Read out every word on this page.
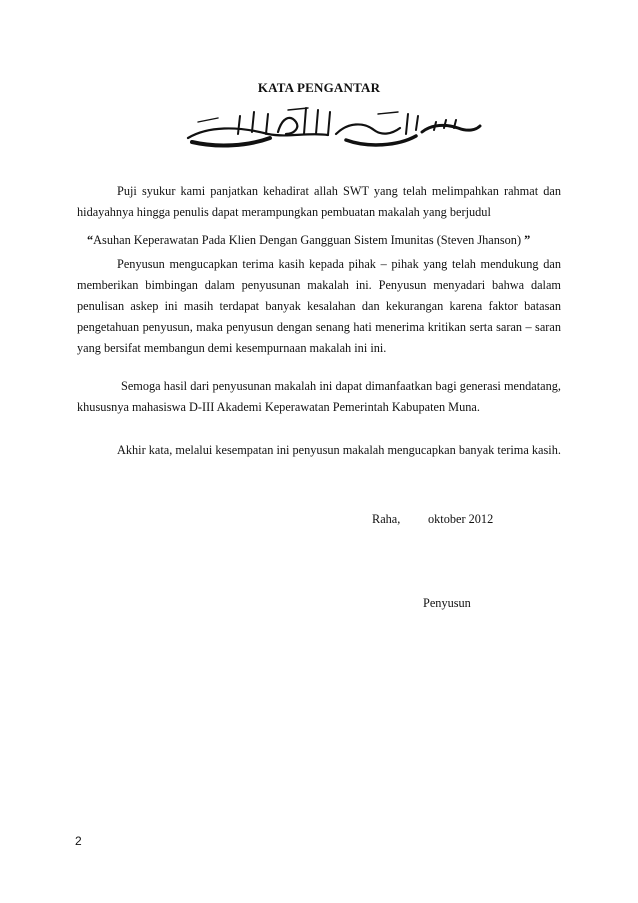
KATA PENGANTAR

Puji syukur kami panjatkan kehadirat allah SWT yang telah melimpahkan rahmat dan hidayahnya hingga penulis dapat merampungkan pembuatan makalah yang berjudul

“Asuhan Keperawatan Pada Klien Dengan Gangguan Sistem Imunitas (Steven Jhanson) ”

Penyusun mengucapkan terima kasih kepada pihak – pihak yang telah mendukung dan memberikan bimbingan dalam penyusunan makalah ini. Penyusun menyadari bahwa dalam penulisan askep ini masih terdapat banyak kesalahan dan kekurangan karena faktor batasan pengetahuan penyusun, maka penyusun dengan senang hati menerima kritikan serta saran – saran yang bersifat membangun demi kesempurnaan makalah ini ini.

Semoga hasil dari penyusunan makalah ini dapat dimanfaatkan bagi generasi mendatang, khususnya mahasiswa D-III Akademi Keperawatan Pemerintah Kabupaten Muna.

Akhir kata, melalui kesempatan ini penyusun makalah mengucapkan banyak terima kasih.

Raha, oktober 2012
Penyusun
2
